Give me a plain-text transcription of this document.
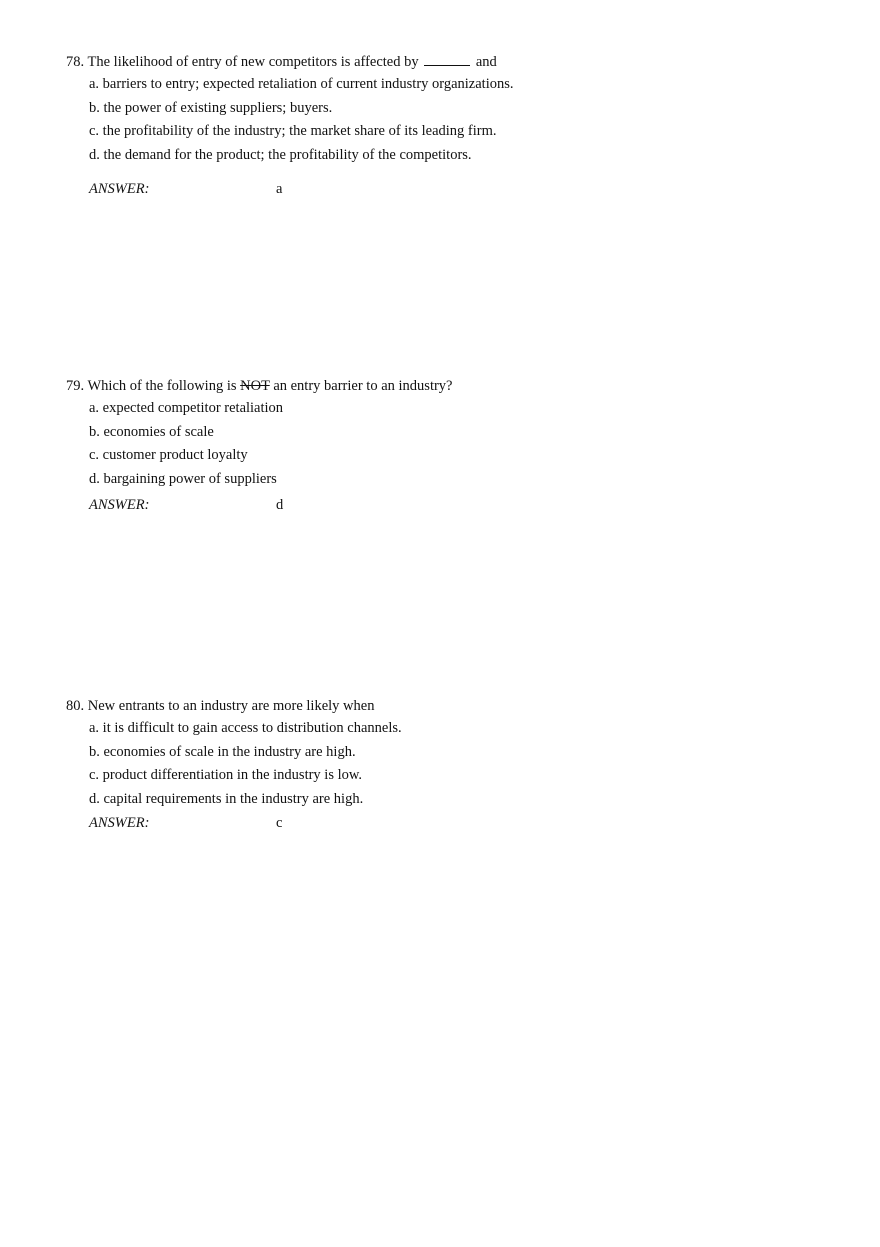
78. The likelihood of entry of new competitors is affected by	and
a. barriers to entry; expected retaliation of current industry organizations.
b. the power of existing suppliers; buyers.
c. the profitability of the industry; the market share of its leading firm.
d. the demand for the product; the profitability of the competitors.
ANSWER:	a
79. Which of the following is NOT an entry barrier to an industry?
a. expected competitor retaliation
b. economies of scale
c. customer product loyalty
d. bargaining power of suppliers
ANSWER:	d
80. New entrants to an industry are more likely when
a. it is difficult to gain access to distribution channels.
b. economies of scale in the industry are high.
c. product differentiation in the industry is low.
d. capital requirements in the industry are high.
ANSWER:	c
